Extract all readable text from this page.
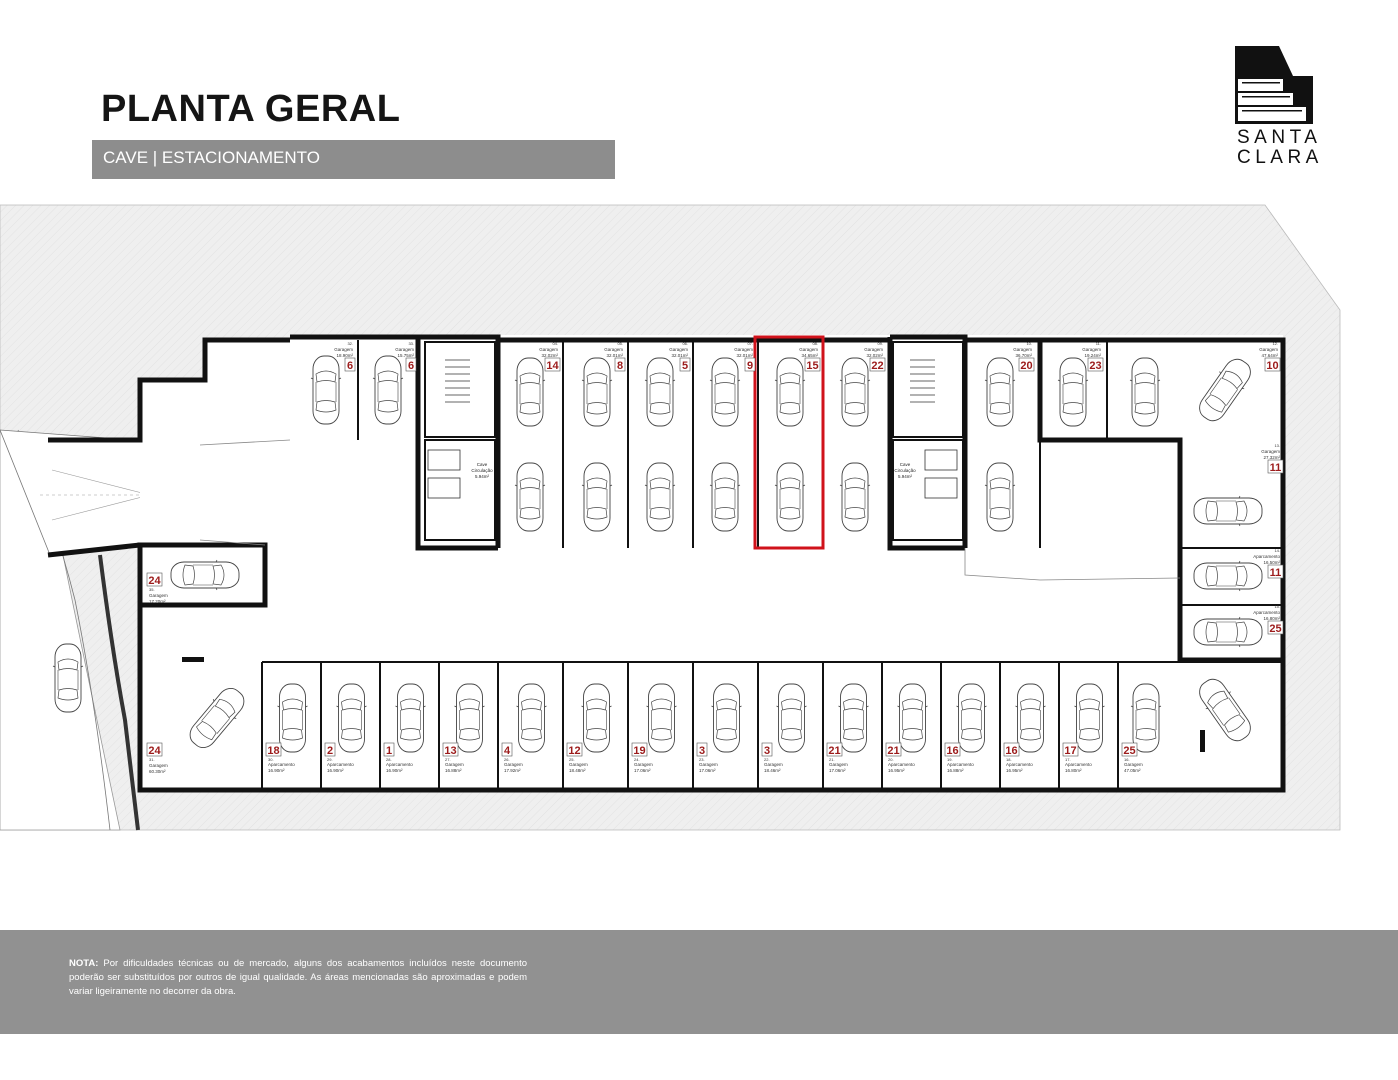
PLANTA GERAL
CAVE | ESTACIONAMENTO
SANTA
CLARA
Cave
Circulação
5.94m²
Cave
Circulação
5.94m²
32.
Garagem
18.90m²
6
33.
Garagem
15.75m²
6
04.
Garagem
32.02m²
14
05.
Garagem
32.01m²
8
06.
Garagem
32.01m²
5
07.
Garagem
32.01m²
9
08.
Garagem
34.65m²
15
09.
Garagem
32.02m²
22
10.
Garagem
36.70m²
20
11.
Garagem
19.24m²
23
12.
Garagem
47.64m²
10
13.
Garagem
27.32m²
11
14.
Aparcamento
16.50m²
11
15.
Aparcamento
16.80m²
25
24
35.
Garagem
17.20m²
24
31.
Garagem
60.30m²
18
30.
Aparcamento
16.90m²
2
29.
Aparcamento
16.90m²
1
28.
Aparcamento
16.90m²
13
27.
Garagem
16.88m²
4
26.
Garagem
17.92m²
12
25.
Garagem
18.48m²
19
24.
Garagem
17.06m²
3
23.
Garagem
17.06m²
3
22.
Garagem
18.46m²
21
21.
Garagem
17.06m²
21
20.
Aparcamento
16.95m²
16
19.
Aparcamento
16.88m²
16
18.
Aparcamento
16.95m²
17
17.
Aparcamento
16.80m²
25
16.
Garagem
47.05m²
NOTA: Por dificuldades técnicas ou de mercado, alguns dos acabamentos incluídos neste documento poderão ser substituídos por outros de igual qualidade. As áreas mencionadas são aproximadas e podem variar ligeiramente no decorrer da obra.
